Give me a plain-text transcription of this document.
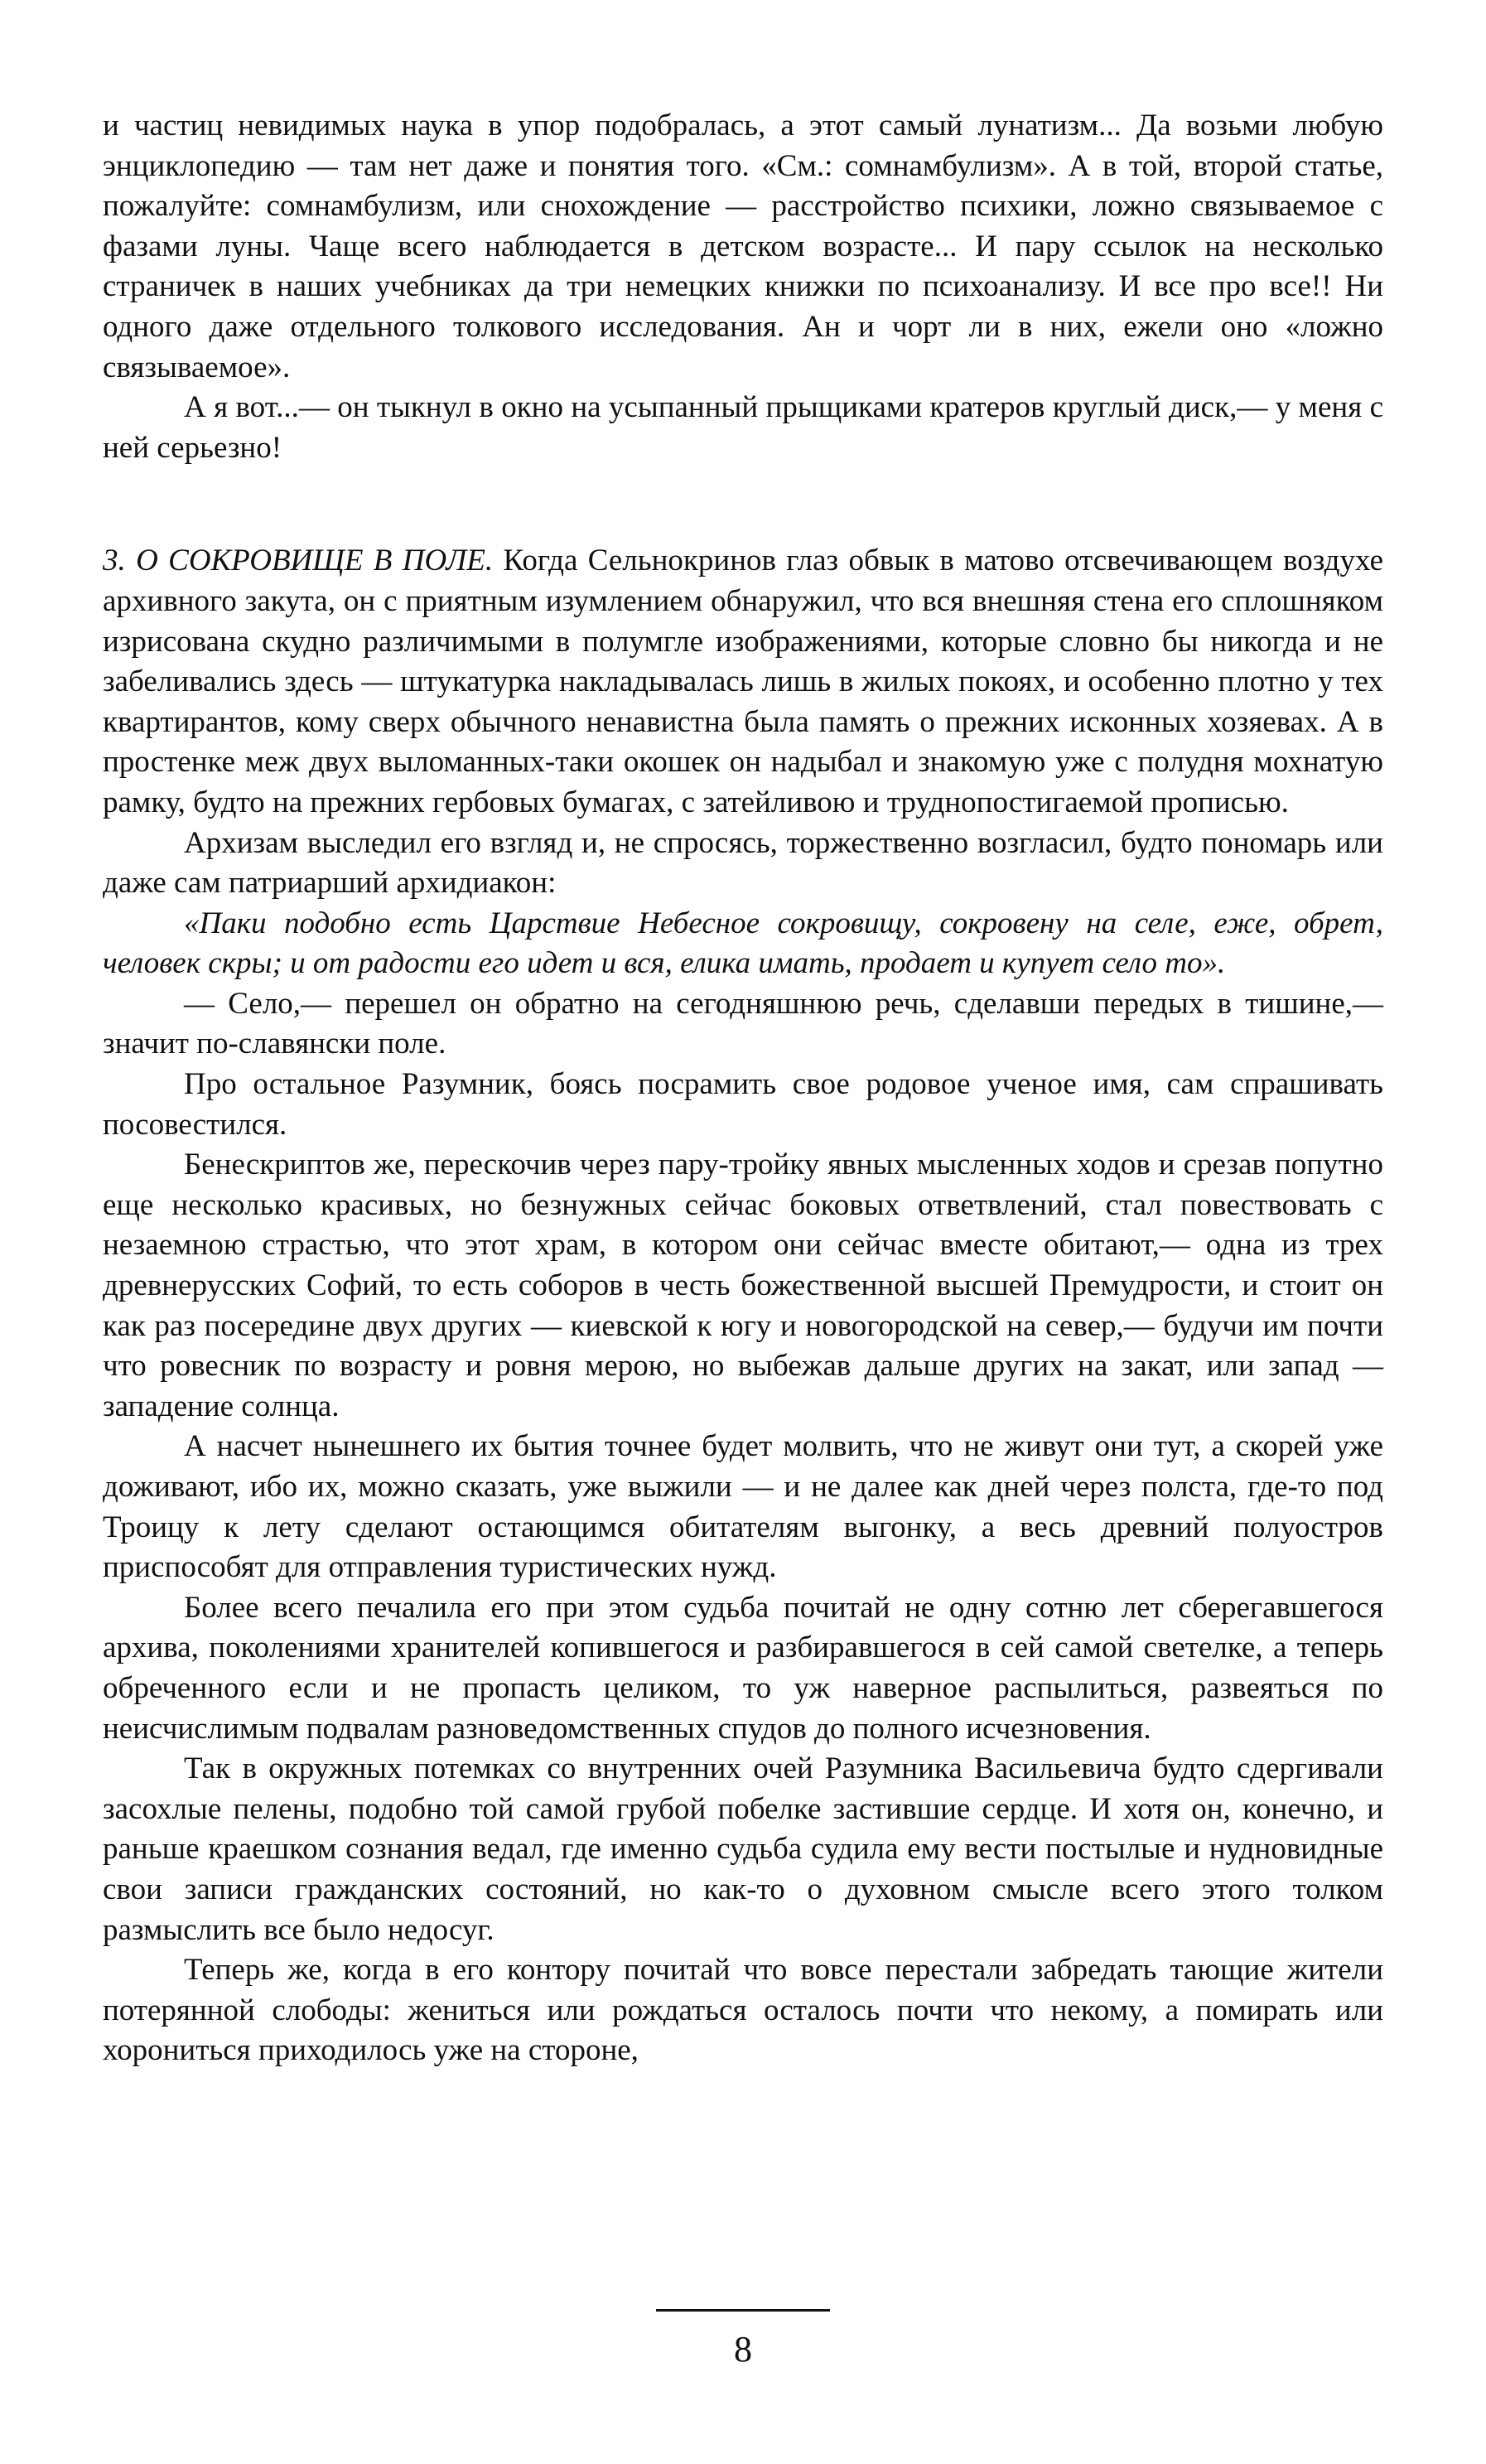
и частиц невидимых наука в упор подобралась, а этот самый лунатизм... Да возьми любую энциклопедию — там нет даже и понятия того. «См.: сомнамбулизм». А в той, второй статье, пожалуйте: сомнамбулизм, или снохождение — расстройство психики, ложно связываемое с фазами луны. Чаще всего наблюдается в детском возрасте... И пару ссылок на несколько страничек в наших учебниках да три немецких книжки по психоанализу. И все про все!! Ни одного даже отдельного толкового исследования. Ан и чорт ли в них, ежели оно «ложно связываемое».

А я вот...— он тыкнул в окно на усыпанный прыщиками кратеров круглый диск,— у меня с ней серьезно!

3. О СОКРОВИЩЕ В ПОЛЕ. Когда Сельнокринов глаз обвык в матово отсвечивающем воздухе архивного закута, он с приятным изумлением обнаружил, что вся внешняя стена его сплошняком изрисована скудно различимыми в полумгле изображениями, которые словно бы никогда и не забеливались здесь — штукатурка накладывалась лишь в жилых покоях, и особенно плотно у тех квартирантов, кому сверх обычного ненавистна была память о прежних исконных хозяевах. А в простенке меж двух выломанных-таки окошек он надыбал и знакомую уже с полудня мохнатую рамку, будто на прежних гербовых бумагах, с затейливою и труднопостигаемой прописью.

Архизам выследил его взгляд и, не спросясь, торжественно возгласил, будто пономарь или даже сам патриарший архидиакон:

«Паки подобно есть Царствие Небесное сокровищу, сокровену на селе, еже, обрет, человек скры; и от радости его идет и вся, елика имать, продает и купует село то».

— Село,— перешел он обратно на сегодняшнюю речь, сделавши передых в тишине,— значит по-славянски поле.

Про остальное Разумник, боясь посрамить свое родовое ученое имя, сам спрашивать посовестился.

Бенескриптов же, перескочив через пару-тройку явных мысленных ходов и срезав попутно еще несколько красивых, но безнужных сейчас боковых ответвлений, стал повествовать с незаемною страстью, что этот храм, в котором они сейчас вместе обитают,— одна из трех древнерусских Софий, то есть соборов в честь божественной высшей Премудрости, и стоит он как раз посередине двух других — киевской к югу и новогородской на север,— будучи им почти что ровесник по возрасту и ровня мерою, но выбежав дальше других на закат, или запад — западение солнца.

А насчет нынешнего их бытия точнее будет молвить, что не живут они тут, а скорей уже доживают, ибо их, можно сказать, уже выжили — и не далее как дней через полста, где-то под Троицу к лету сделают остающимся обитателям выгонку, а весь древний полуостров приспособят для отправления туристических нужд.

Более всего печалила его при этом судьба почитай не одну сотню лет сберегавшегося архива, поколениями хранителей копившегося и разбиравшегося в сей самой светелке, а теперь обреченного если и не пропасть целиком, то уж наверное распылиться, развеяться по неисчислимым подвалам разноведомственных спудов до полного исчезновения.

Так в окружных потемках со внутренних очей Разумника Васильевича будто сдергивали засохлые пелены, подобно той самой грубой побелке застившие сердце. И хотя он, конечно, и раньше краешком сознания ведал, где именно судьба судила ему вести постылые и нудновидные свои записи гражданских состояний, но как-то о духовном смысле всего этого толком размыслить все было недосуг.

Теперь же, когда в его контору почитай что вовсе перестали забредать тающие жители потерянной слободы: жениться или рождаться осталось почти что некому, а помирать или хорониться приходилось уже на стороне,

8
